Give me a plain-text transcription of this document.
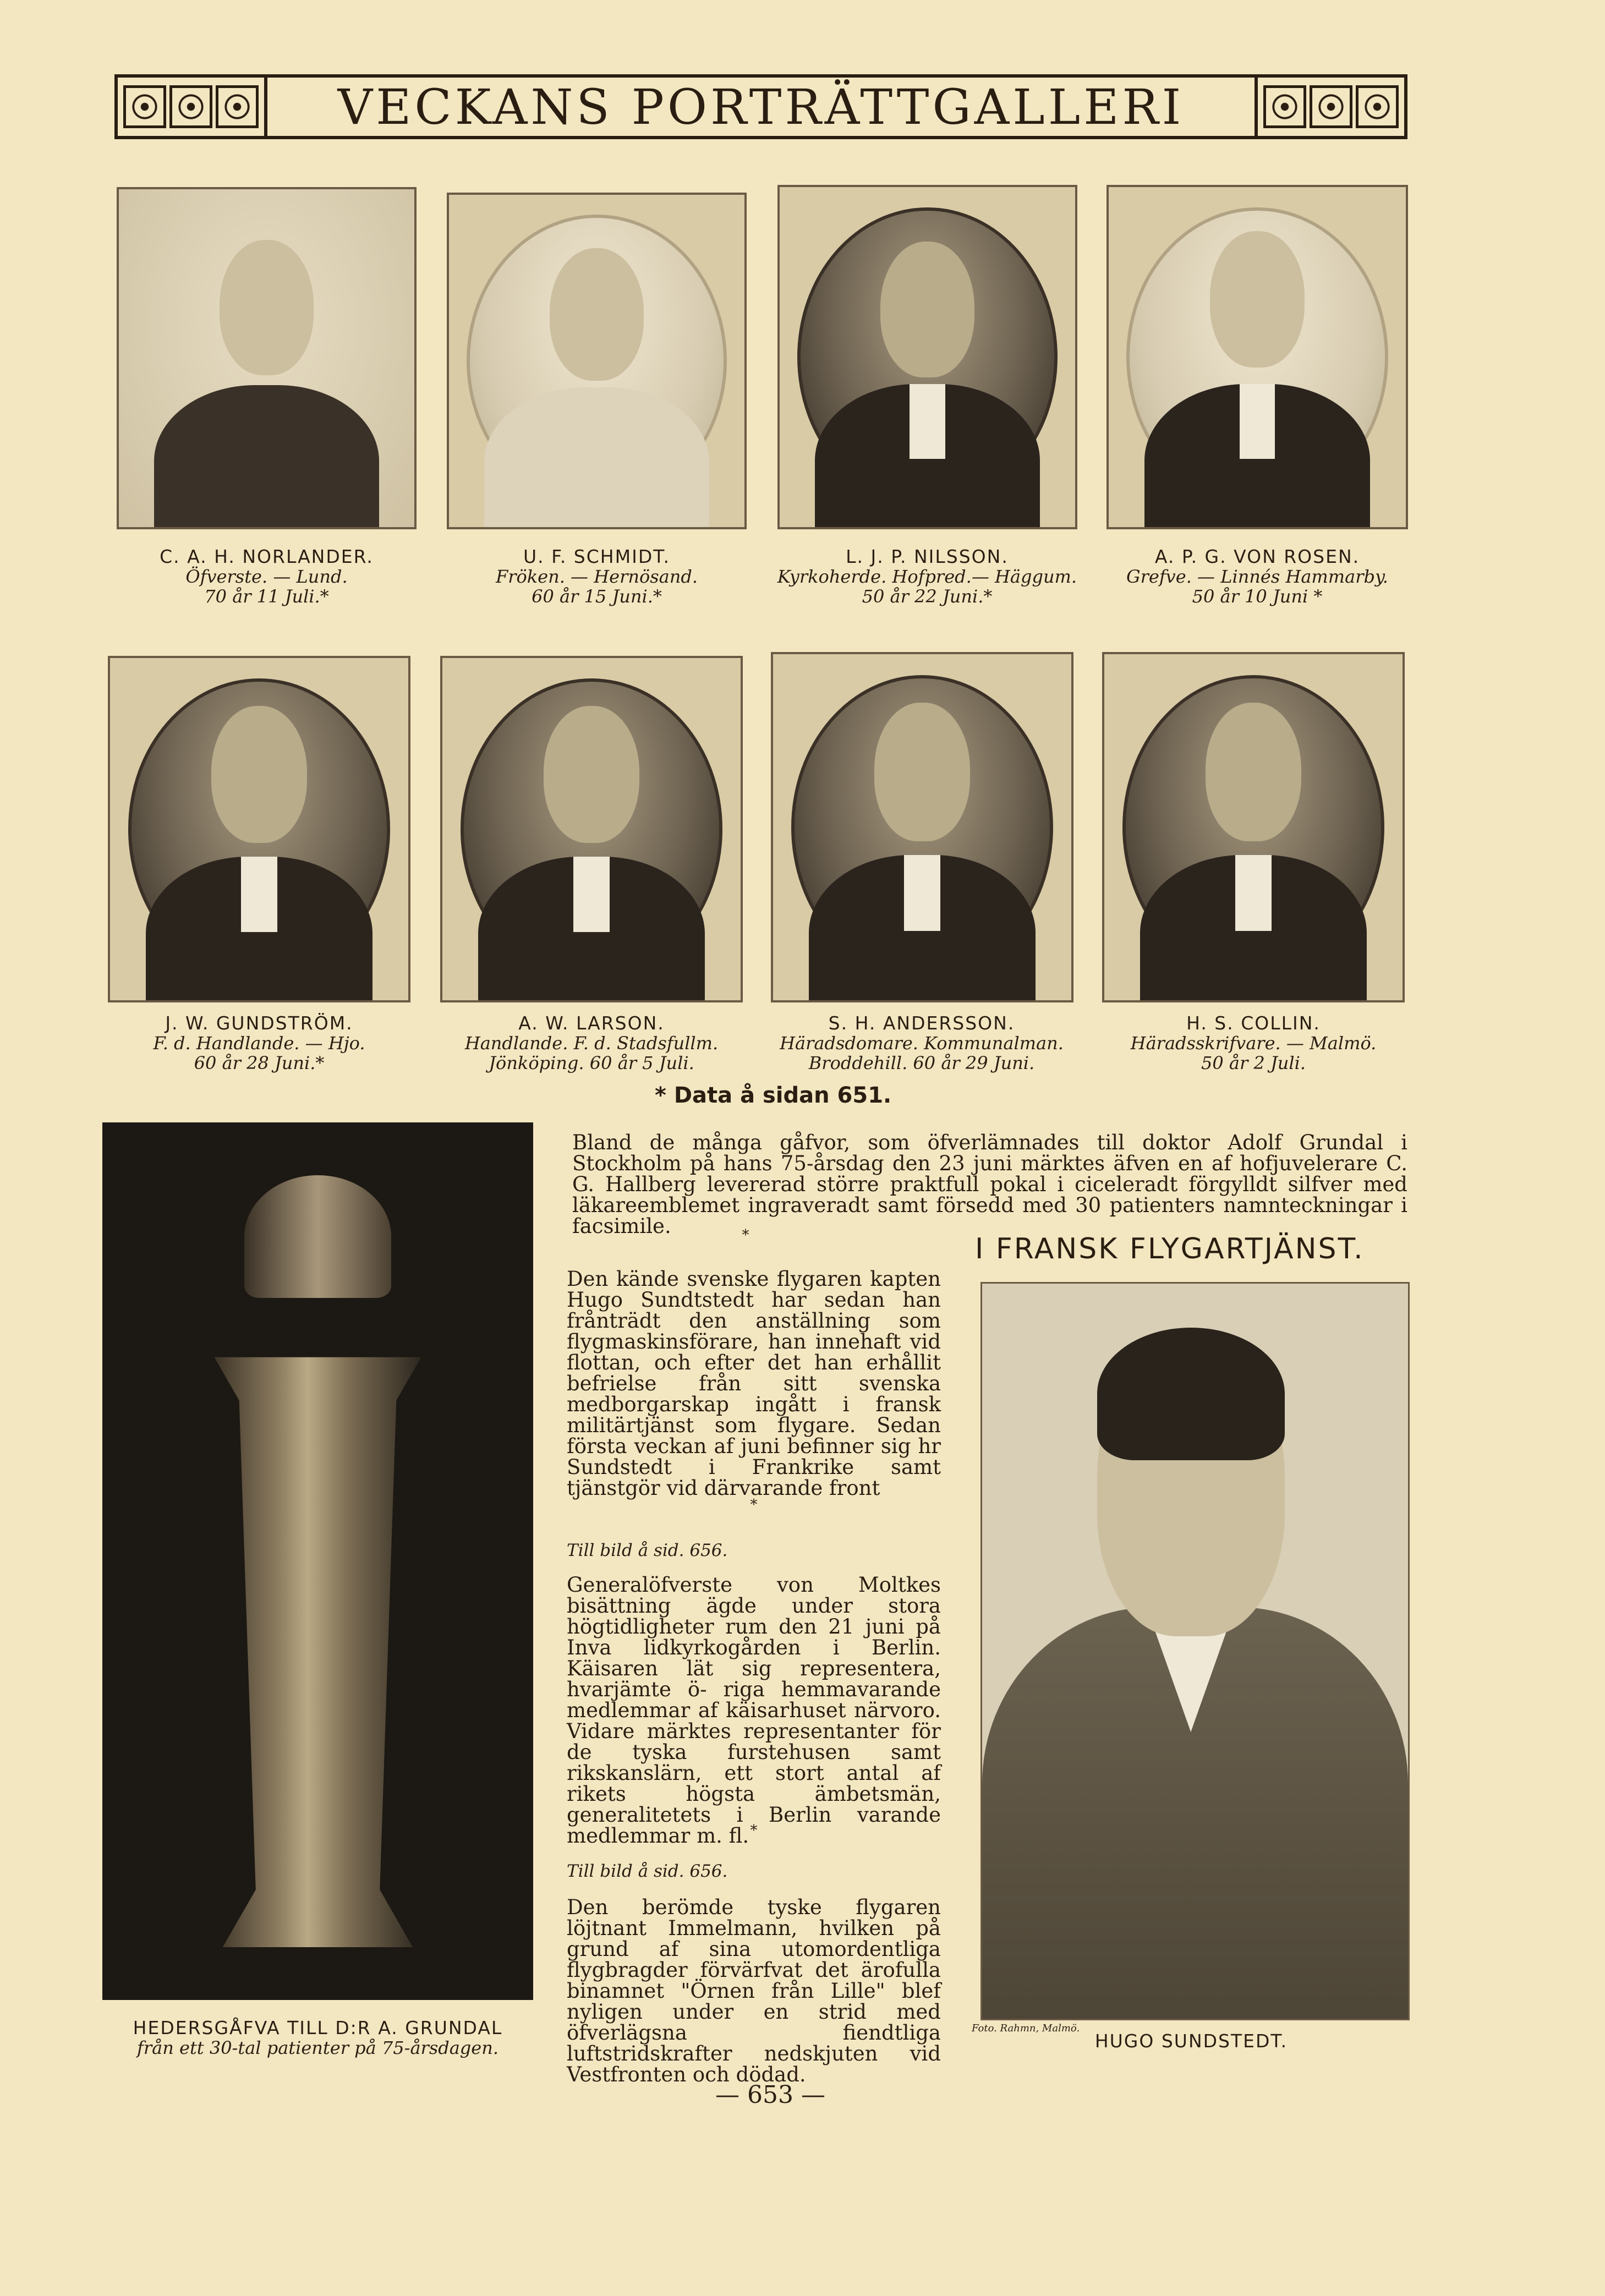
VECKANS PORTRÄTTGALLERI
C. A. H. NORLANDER.
Öfverste. — Lund.
70 år 11 Juli.*
U. F. SCHMIDT.
Fröken. — Hernösand.
60 år 15 Juni.*
L. J. P. NILSSON.
Kyrkoherde. Hofpred.— Häggum.
50 år 22 Juni.*
A. P. G. VON ROSEN.
Grefve. — Linnés Hammarby.
50 år 10 Juni *
J. W. GUNDSTRÖM.
F. d. Handlande. — Hjo.
60 år 28 Juni.*
A. W. LARSON.
Handlande. F. d. Stadsfullm.
Jönköping. 60 år 5 Juli.
S. H. ANDERSSON.
Häradsdomare. Kommunalman.
Broddehill. 60 år 29 Juni.
H. S. COLLIN.
Häradsskrifvare. — Malmö.
50 år 2 Juli.
* Data å sidan 651.
HEDERSGÅFVA TILL D:R A. GRUNDAL
från ett 30-tal patienter på 75-årsdagen.
Bland de många gåfvor, som öfverlämnades till doktor Adolf Grundal i Stockholm på hans 75-årsdag den 23 juni märktes äfven en af hofjuvelerare C. G. Hallberg levererad större praktfull pokal i ciceleradt förgylldt silfver med läkareemblemet ingraveradt samt försedd med 30 patienters namnteckningar i facsimile.	*	I FRANSK FLYGARTJÄNST.
Den kände svenske flygaren kapten Hugo Sundtstedt har sedan han frånträdt den anställning som flygmaskinsförare, han innehaft vid flottan, och efter det han erhållit befrielse från sitt svenska medborgarskap ingått i fransk militärtjänst som flygare. Sedan första veckan af juni befinner sig hr Sundstedt i Frankrike samt tjänstgör vid därvarande front
*
Till bild å sid. 656.
Generalöfverste von Moltkes bisättning ägde under stora högtidligheter rum den 21 juni på Inva lidkyrkogården i Berlin. Käisaren lät sig representera, hvarjämte ö- riga hemmavarande medlemmar af käisarhuset närvoro. Vidare märktes representanter för de tyska furstehusen samt rikskanslärn, ett stort antal af rikets högsta ämbetsmän, generalitetets i Berlin varande medlemmar m. fl. *
Till bild å sid. 656.
Den berömde tyske flygaren löjtnant Immelmann, hvilken på grund af sina utomordentliga flygbragder förvärfvat det ärofulla binamnet "Örnen från Lille" blef nyligen under en strid med öfverlägsna fiendtliga luftstridskrafter nedskjuten vid Vestfronten och dödad.
Foto. Rahmn, Malmö.
HUGO SUNDSTEDT.
— 653 —
